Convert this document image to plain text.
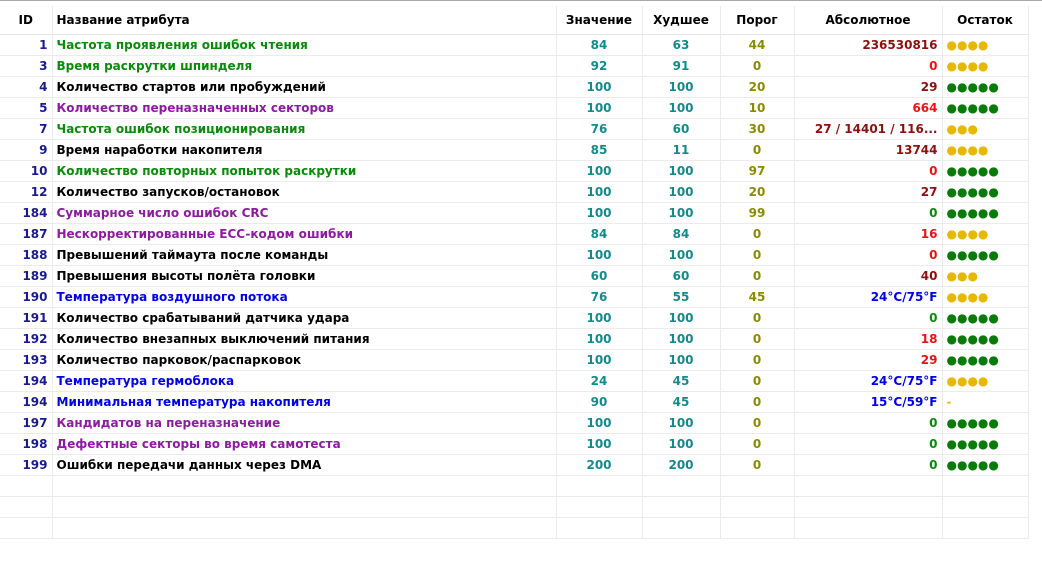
ID	Название атрибута	Значение	Худшее	Порог	Абсолютное	Остаток
1	Частота проявления ошибок чтения	84	63	44	236530816	●●●●
3	Время раскрутки шпинделя	92	91	0	0	●●●●
4	Количество стартов или пробуждений	100	100	20	29	●●●●●
5	Количество переназначенных секторов	100	100	10	664	●●●●●
7	Частота ошибок позиционирования	76	60	30	27 / 14401 / 116...	●●●
9	Время наработки накопителя	85	11	0	13744	●●●●
10	Количество повторных попыток раскрутки	100	100	97	0	●●●●●
12	Количество запусков/остановок	100	100	20	27	●●●●●
184	Суммарное число ошибок CRC	100	100	99	0	●●●●●
187	Нескорректированные ECC-кодом ошибки	84	84	0	16	●●●●
188	Превышений таймаута после команды	100	100	0	0	●●●●●
189	Превышения высоты полёта головки	60	60	0	40	●●●
190	Температура воздушного потока	76	55	45	24°C/75°F	●●●●
191	Количество срабатываний датчика удара	100	100	0	0	●●●●●
192	Количество внезапных выключений питания	100	100	0	18	●●●●●
193	Количество парковок/распарковок	100	100	0	29	●●●●●
194	Температура гермоблока	24	45	0	24°C/75°F	●●●●
194	Минимальная температура накопителя	90	45	0	15°C/59°F	-
197	Кандидатов на переназначение	100	100	0	0	●●●●●
198	Дефектные секторы во время самотеста	100	100	0	0	●●●●●
199	Ошибки передачи данных через DMA	200	200	0	0	●●●●●
